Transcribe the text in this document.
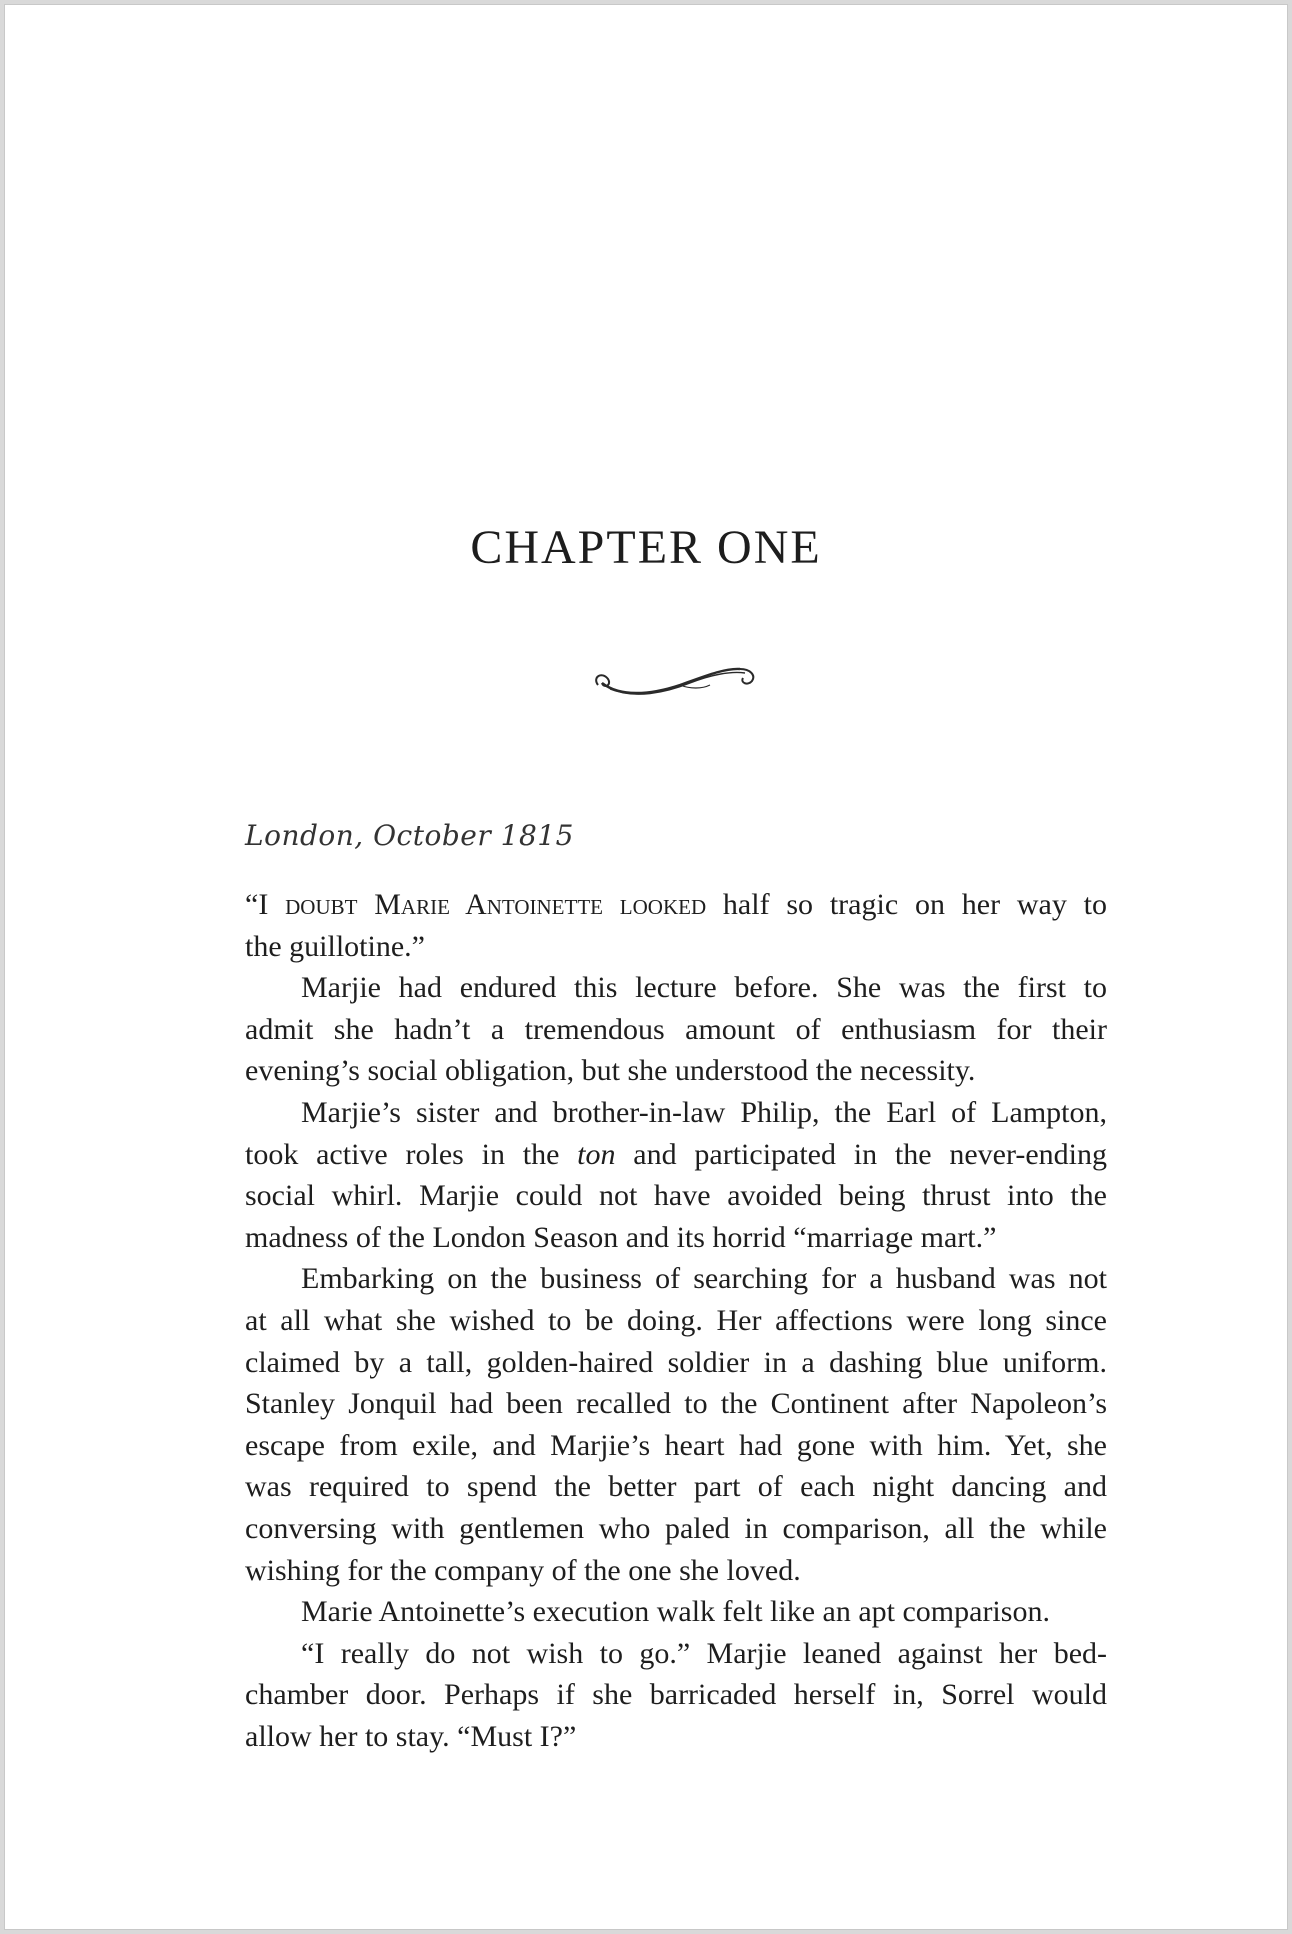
CHAPTER ONE
London, October 1815
“I doubt Marie Antoinette looked half so tragic on her way to
the guillotine.”
Marjie had endured this lecture before. She was the first to
admit she hadn’t a tremendous amount of enthusiasm for their
evening’s social obligation, but she understood the necessity.
Marjie’s sister and brother-in-law Philip, the Earl of Lampton,
took active roles in the ton and participated in the never-ending
social whirl. Marjie could not have avoided being thrust into the
madness of the London Season and its horrid “marriage mart.”
Embarking on the business of searching for a husband was not
at all what she wished to be doing. Her affections were long since
claimed by a tall, golden-haired soldier in a dashing blue uniform.
Stanley Jonquil had been recalled to the Continent after Napoleon’s
escape from exile, and Marjie’s heart had gone with him. Yet, she
was required to spend the better part of each night dancing and
conversing with gentlemen who paled in comparison, all the while
wishing for the company of the one she loved.
Marie Antoinette’s execution walk felt like an apt comparison.
“I really do not wish to go.” Marjie leaned against her bed-
chamber door. Perhaps if she barricaded herself in, Sorrel would
allow her to stay. “Must I?”
